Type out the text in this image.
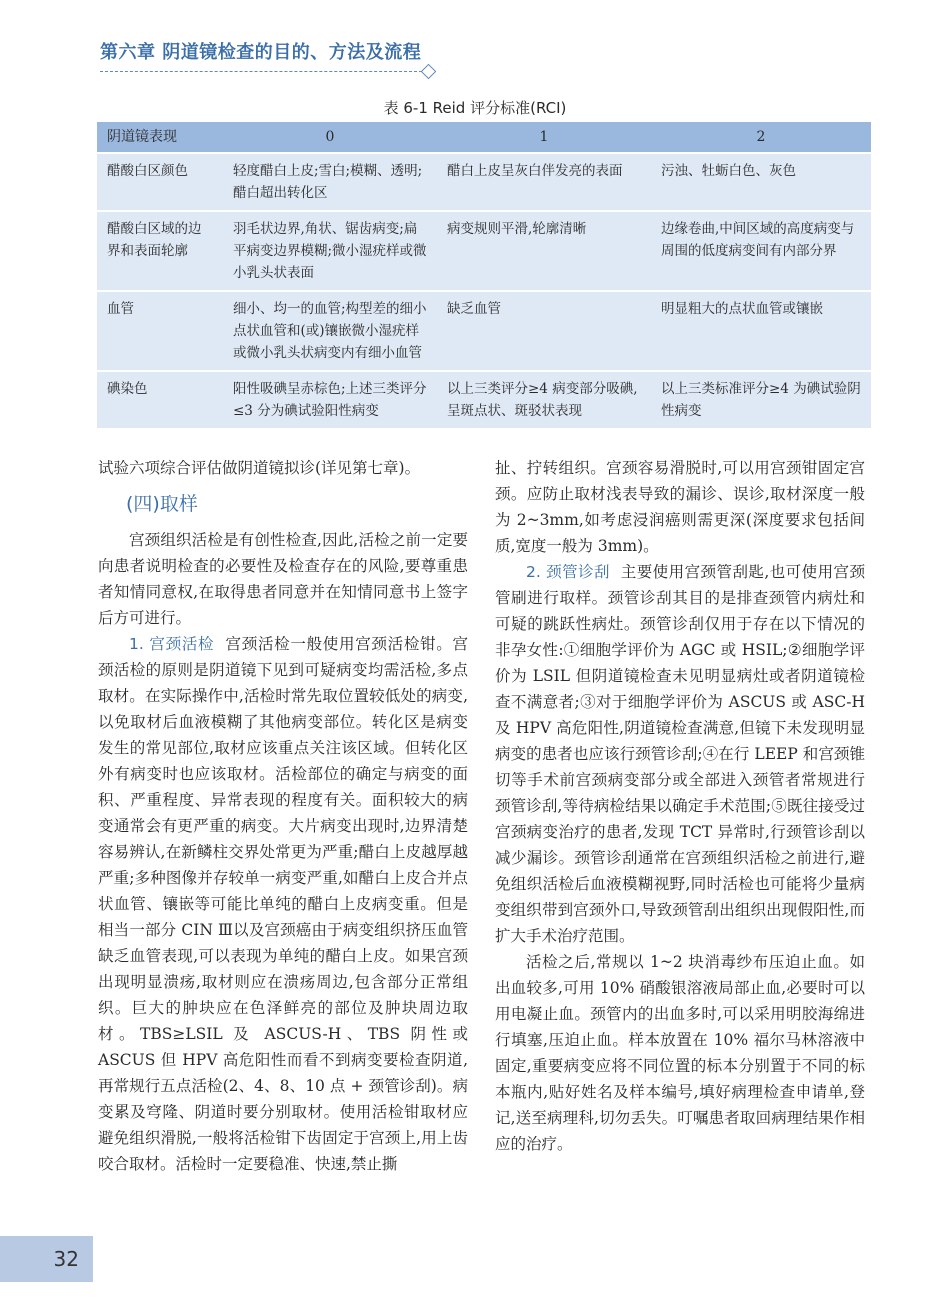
第六章 阴道镜检查的目的、方法及流程
表 6-1 Reid 评分标准(RCI)
阴道镜表现	0	1	2
醋酸白区颜色	轻度醋白上皮;雪白;模糊、透明;醋白超出转化区	醋白上皮呈灰白伴发亮的表面	污浊、牡蛎白色、灰色
醋酸白区域的边界和表面轮廓	羽毛状边界,角状、锯齿病变;扁平病变边界模糊;微小湿疣样或微小乳头状表面	病变规则平滑,轮廓清晰	边缘卷曲,中间区域的高度病变与周围的低度病变间有内部分界
血管	细小、均一的血管;构型差的细小点状血管和(或)镶嵌微小湿疣样或微小乳头状病变内有细小血管	缺乏血管	明显粗大的点状血管或镶嵌
碘染色	阳性吸碘呈赤棕色;上述三类评分≤3 分为碘试验阳性病变	以上三类评分≥4 病变部分吸碘,呈斑点状、斑驳状表现	以上三类标准评分≥4 为碘试验阴性病变

试验六项综合评估做阴道镜拟诊(详见第七章)。

(四)取样

宫颈组织活检是有创性检查,因此,活检之前一定要向患者说明检查的必要性及检查存在的风险,要尊重患者知情同意权,在取得患者同意并在知情同意书上签字后方可进行。

1. 宫颈活检 宫颈活检一般使用宫颈活检钳。宫颈活检的原则是阴道镜下见到可疑病变均需活检,多点取材。在实际操作中,活检时常先取位置较低处的病变,以免取材后血液模糊了其他病变部位。转化区是病变发生的常见部位,取材应该重点关注该区域。但转化区外有病变时也应该取材。活检部位的确定与病变的面积、严重程度、异常表现的程度有关。面积较大的病变通常会有更严重的病变。大片病变出现时,边界清楚容易辨认,在新鳞柱交界处常更为严重;醋白上皮越厚越严重;多种图像并存较单一病变严重,如醋白上皮合并点状血管、镶嵌等可能比单纯的醋白上皮病变重。但是相当一部分 CIN Ⅲ以及宫颈癌由于病变组织挤压血管缺乏血管表现,可以表现为单纯的醋白上皮。如果宫颈出现明显溃疡,取材则应在溃疡周边,包含部分正常组织。巨大的肿块应在色泽鲜亮的部位及肿块周边取材。TBS≥LSIL 及 ASCUS-H、TBS 阴性或 ASCUS 但 HPV 高危阳性而看不到病变要检查阴道,再常规行五点活检(2、4、8、10 点 + 颈管诊刮)。病变累及穹隆、阴道时要分别取材。使用活检钳取材应避免组织滑脱,一般将活检钳下齿固定于宫颈上,用上齿咬合取材。活检时一定要稳准、快速,禁止撕

扯、拧转组织。宫颈容易滑脱时,可以用宫颈钳固定宫颈。应防止取材浅表导致的漏诊、误诊,取材深度一般为 2~3mm,如考虑浸润癌则需更深(深度要求包括间质,宽度一般为 3mm)。

2. 颈管诊刮 主要使用宫颈管刮匙,也可使用宫颈管刷进行取样。颈管诊刮其目的是排查颈管内病灶和可疑的跳跃性病灶。颈管诊刮仅用于存在以下情况的非孕女性:①细胞学评价为 AGC 或 HSIL;②细胞学评价为 LSIL 但阴道镜检查未见明显病灶或者阴道镜检查不满意者;③对于细胞学评价为 ASCUS 或 ASC-H 及 HPV 高危阳性,阴道镜检查满意,但镜下未发现明显病变的患者也应该行颈管诊刮;④在行 LEEP 和宫颈锥切等手术前宫颈病变部分或全部进入颈管者常规进行颈管诊刮,等待病检结果以确定手术范围;⑤既往接受过宫颈病变治疗的患者,发现 TCT 异常时,行颈管诊刮以减少漏诊。颈管诊刮通常在宫颈组织活检之前进行,避免组织活检后血液模糊视野,同时活检也可能将少量病变组织带到宫颈外口,导致颈管刮出组织出现假阳性,而扩大手术治疗范围。

活检之后,常规以 1~2 块消毒纱布压迫止血。如出血较多,可用 10% 硝酸银溶液局部止血,必要时可以用电凝止血。颈管内的出血多时,可以采用明胶海绵进行填塞,压迫止血。样本放置在 10% 福尔马林溶液中固定,重要病变应将不同位置的标本分别置于不同的标本瓶内,贴好姓名及样本编号,填好病理检查申请单,登记,送至病理科,切勿丢失。叮嘱患者取回病理结果作相应的治疗。

32
